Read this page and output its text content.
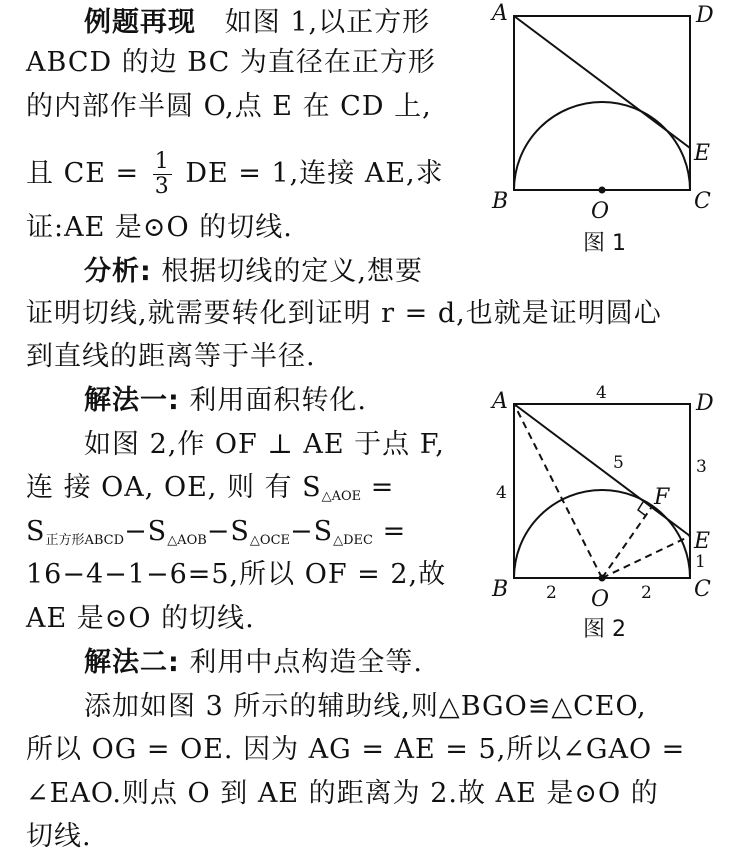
例题再现 如图 1,以正方形
ABCD 的边 BC 为直径在正方形
的内部作半圆 O,点 E 在 CD 上,
且 CE = $\frac{1}{3}$ DE = 1,连接 AE,求
证:AE 是⊙O 的切线.
分析: 根据切线的定义,想要
证明切线,就需要转化到证明 r = d,也就是证明圆心
到直线的距离等于半径.
解法一: 利用面积转化.
如图 2,作 OF ⊥ AE 于点 F,
连 接 OA, OE, 则 有 $S_{\triangle AOE}$ =
$S_{正方形ABCD}-S_{\triangle AOB}-S_{\triangle OCE}-S_{\triangle DEC}$ =
16−4−1−6=5,所以 OF = 2,故
AE 是⊙O 的切线.
解法二: 利用中点构造全等.
添加如图 3 所示的辅助线,则△BGO≌△CEO,
所以 OG = OE. 因为 AG = AE = 5,所以∠GAO =
∠EAO.则点 O 到 AE 的距离为 2.故 AE 是⊙O 的
切线.
A	D
E
B	O	C
图 1
A	D
F
E
B	O	C
4
4
3
5
2	2
1
图 2
